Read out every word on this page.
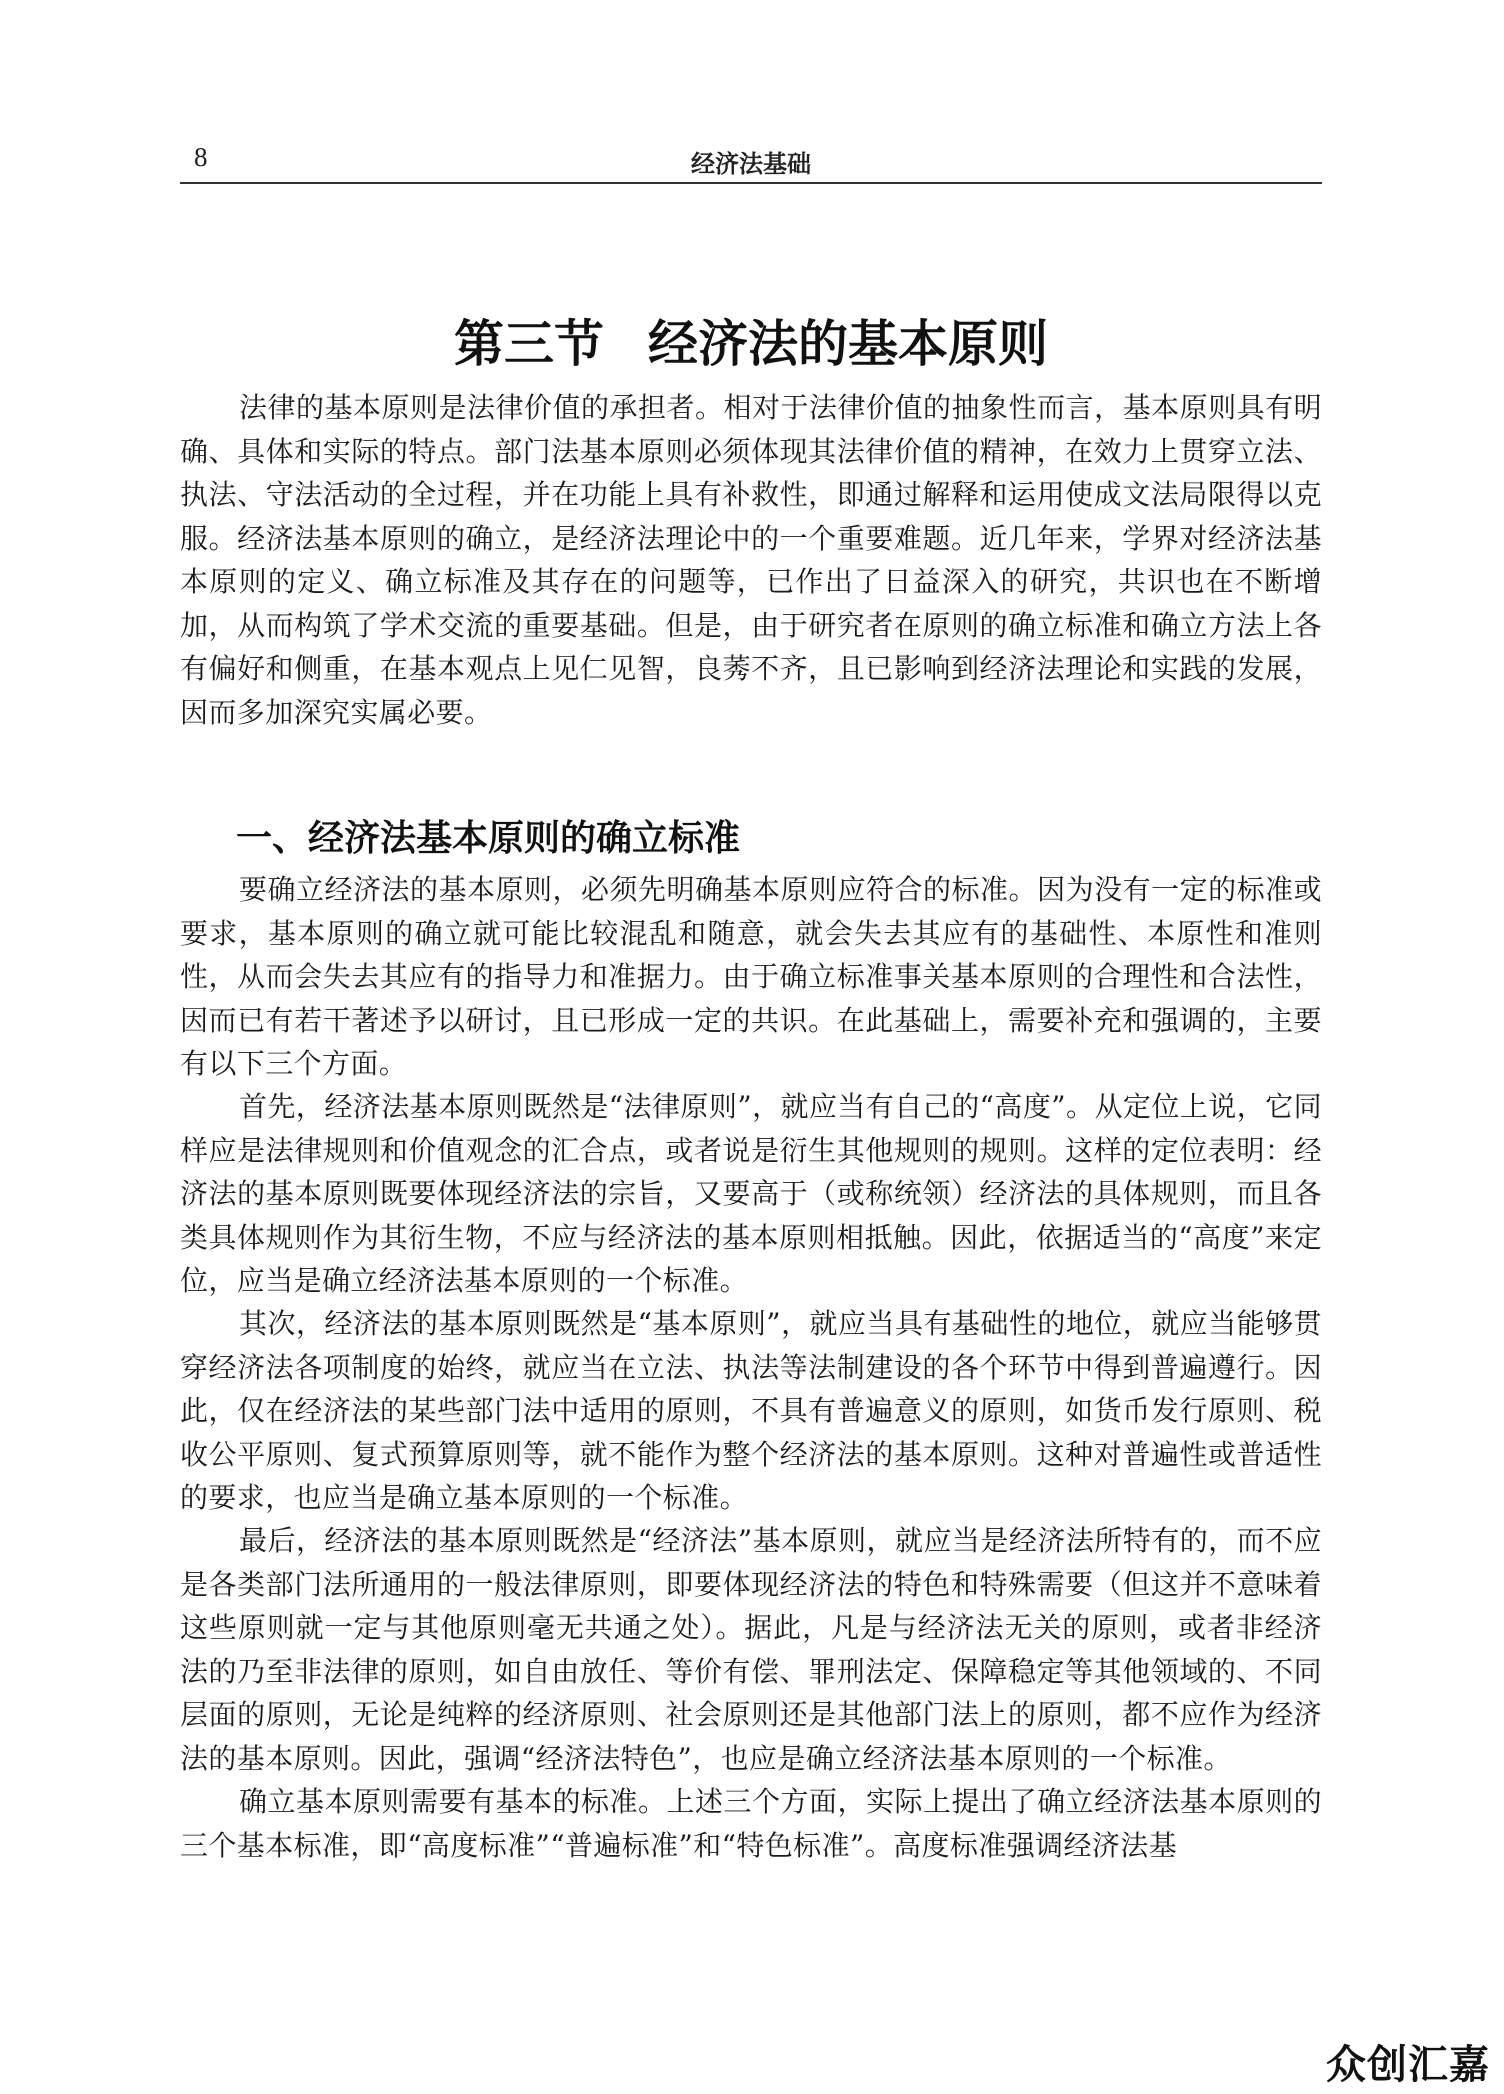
8	经济法基础
第三节 经济法的基本原则

法律的基本原则是法律价值的承担者。相对于法律价值的抽象性而言，基本原则具有明确、具体和实际的特点。部门法基本原则必须体现其法律价值的精神，在效力上贯穿立法、执法、守法活动的全过程，并在功能上具有补救性，即通过解释和运用使成文法局限得以克服。经济法基本原则的确立，是经济法理论中的一个重要难题。近几年来，学界对经济法基本原则的定义、确立标准及其存在的问题等，已作出了日益深入的研究，共识也在不断增加，从而构筑了学术交流的重要基础。但是，由于研究者在原则的确立标准和确立方法上各有偏好和侧重，在基本观点上见仁见智，良莠不齐，且已影响到经济法理论和实践的发展，因而多加深究实属必要。

一、经济法基本原则的确立标准

要确立经济法的基本原则，必须先明确基本原则应符合的标准。因为没有一定的标准或要求，基本原则的确立就可能比较混乱和随意，就会失去其应有的基础性、本原性和准则性，从而会失去其应有的指导力和准据力。由于确立标准事关基本原则的合理性和合法性，因而已有若干著述予以研讨，且已形成一定的共识。在此基础上，需要补充和强调的，主要有以下三个方面。

首先，经济法基本原则既然是“法律原则”，就应当有自己的“高度”。从定位上说，它同样应是法律规则和价值观念的汇合点，或者说是衍生其他规则的规则。这样的定位表明：经济法的基本原则既要体现经济法的宗旨，又要高于（或称统领）经济法的具体规则，而且各类具体规则作为其衍生物，不应与经济法的基本原则相抵触。因此，依据适当的“高度”来定位，应当是确立经济法基本原则的一个标准。

其次，经济法的基本原则既然是“基本原则”，就应当具有基础性的地位，就应当能够贯穿经济法各项制度的始终，就应当在立法、执法等法制建设的各个环节中得到普遍遵行。因此，仅在经济法的某些部门法中适用的原则，不具有普遍意义的原则，如货币发行原则、税收公平原则、复式预算原则等，就不能作为整个经济法的基本原则。这种对普遍性或普适性的要求，也应当是确立基本原则的一个标准。

最后，经济法的基本原则既然是“经济法”基本原则，就应当是经济法所特有的，而不应是各类部门法所通用的一般法律原则，即要体现经济法的特色和特殊需要（但这并不意味着这些原则就一定与其他原则毫无共通之处）。据此，凡是与经济法无关的原则，或者非经济法的乃至非法律的原则，如自由放任、等价有偿、罪刑法定、保障稳定等其他领域的、不同层面的原则，无论是纯粹的经济原则、社会原则还是其他部门法上的原则，都不应作为经济法的基本原则。因此，强调“经济法特色”，也应是确立经济法基本原则的一个标准。

确立基本原则需要有基本的标准。上述三个方面，实际上提出了确立经济法基本原则的三个基本标准，即“高度标准”“普遍标准”和“特色标准”。高度标准强调经济法基

众创汇嘉
